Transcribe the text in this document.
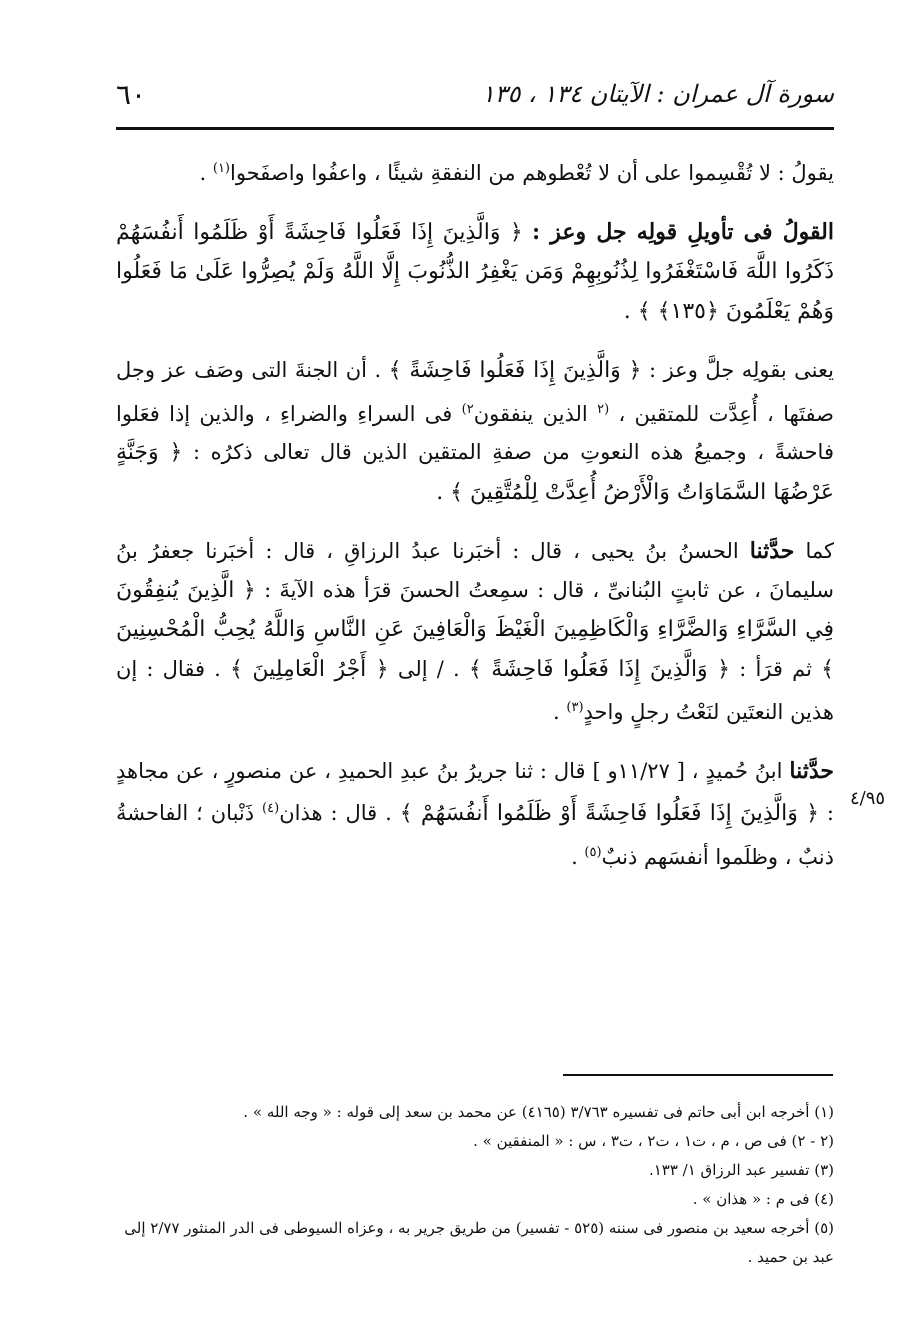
٦٠	سورة آل عمران : الآيتان ١٣٤ ، ١٣٥
يقولُ : لا تُقْسِموا على أن لا تُعْطوهم من النفقةِ شيئًا ، واعفُوا واصفَحوا$^{(١)}$ .
القولُ فى تأويلِ قولِه جل وعز : ﴿ وَالَّذِينَ إِذَا فَعَلُوا فَاحِشَةً أَوْ ظَلَمُوا أَنفُسَهُمْ ذَكَرُوا اللَّهَ فَاسْتَغْفَرُوا لِذُنُوبِهِمْ وَمَن يَغْفِرُ الذُّنُوبَ إِلَّا اللَّهُ وَلَمْ يُصِرُّوا عَلَىٰ مَا فَعَلُوا وَهُمْ يَعْلَمُونَ ﴿١٣٥﴾ ﴾ .
يعنى بقولِه جلَّ وعز : ﴿ وَالَّذِينَ إِذَا فَعَلُوا فَاحِشَةً ﴾ . أن الجنةَ التى وصَف عز وجل صفتَها ، أُعِدَّت للمتقين ، $^{(٢}$ الذين ينفقون$^{٢)}$ فى السراءِ والضراءِ ، والذين إذا فعَلوا فاحشةً ، وجميعُ هذه النعوتِ من صفةِ المتقين الذين قال تعالى ذكرُه : ﴿ وَجَنَّةٍ عَرْضُهَا السَّمَاوَاتُ وَالْأَرْضُ أُعِدَّتْ لِلْمُتَّقِينَ ﴾ .
كما حدَّثنا الحسنُ بنُ يحيى ، قال : أخبَرنا عبدُ الرزاقِ ، قال : أخبَرنا جعفرُ بنُ سليمانَ ، عن ثابتٍ البُنانىِّ ، قال : سمِعتُ الحسنَ قرَأ هذه الآيةَ : ﴿ الَّذِينَ يُنفِقُونَ فِي السَّرَّاءِ وَالضَّرَّاءِ وَالْكَاظِمِينَ الْغَيْظَ وَالْعَافِينَ عَنِ النَّاسِ وَاللَّهُ يُحِبُّ الْمُحْسِنِينَ ﴾ ثم قرَأ : ﴿ وَالَّذِينَ إِذَا فَعَلُوا فَاحِشَةً ﴾ . / إلى ﴿ أَجْرُ الْعَامِلِينَ ﴾ . فقال : إن هذين النعتَين لنَعْتُ رجلٍ واحدٍ$^{(٣)}$ .
حدَّثنا ابنُ حُميدٍ ، [ ١١/٢٧و ] قال : ثنا جريرُ بنُ عبدِ الحميدِ ، عن منصورٍ ، عن مجاهدٍ : ﴿ وَالَّذِينَ إِذَا فَعَلُوا فَاحِشَةً أَوْ ظَلَمُوا أَنفُسَهُمْ ﴾ . قال : هذان$^{(٤)}$ ذَنْبان ؛ الفاحشةُ ذنبٌ ، وظلَموا أنفسَهم ذنبٌ$^{(٥)}$ .
٤/٩٥

(١) أخرجه ابن أبى حاتم فى تفسيره ٣/٧٦٣ (٤١٦٥) عن محمد بن سعد إلى قوله : « وجه الله » .

(٢ - ٢) فى ص ، م ، ت١ ، ت٢ ، ت٣ ، س : « المنفقين » .

(٣) تفسير عبد الرزاق ١/ ١٣٣.

(٤) فى م : « هذان » .

(٥) أخرجه سعيد بن منصور فى سننه (٥٢٥ - تفسير) من طريق جرير به ، وعزاه السيوطى فى الدر المنثور ٢/٧٧ إلى عبد بن حميد .
